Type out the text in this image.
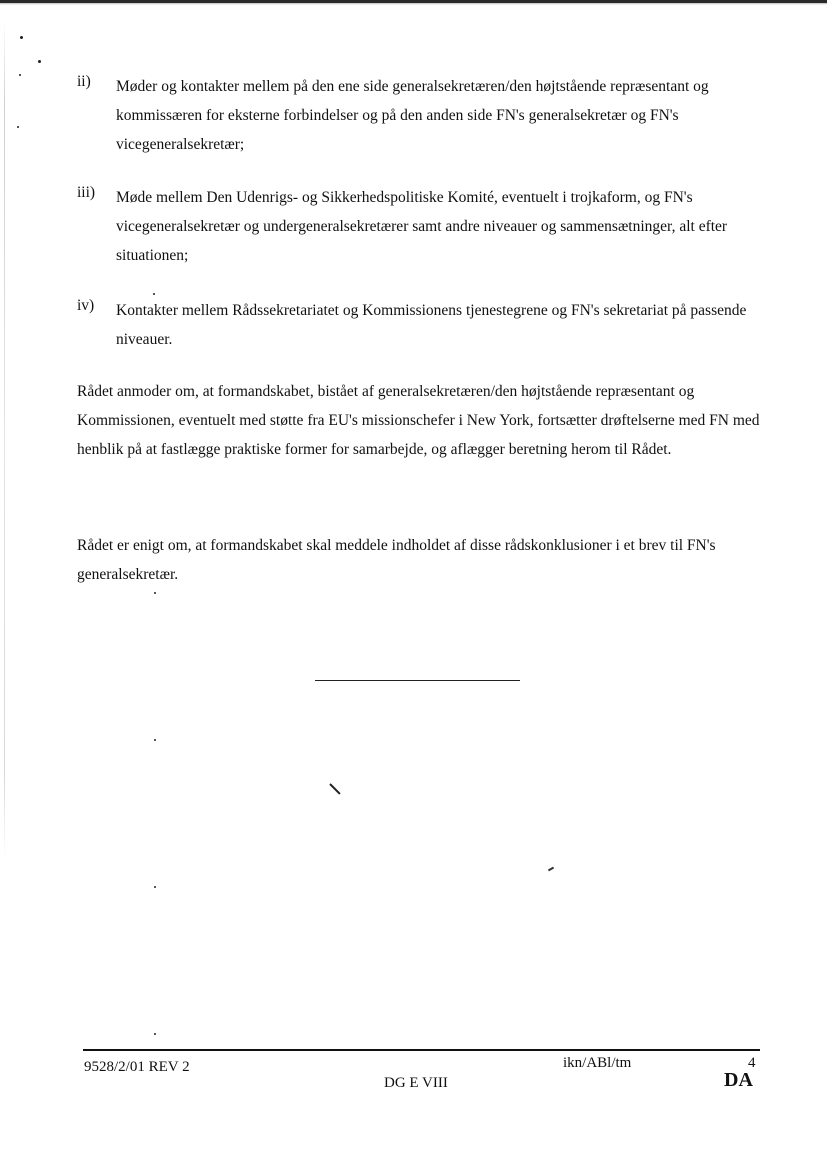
ii)	Møder og kontakter mellem på den ene side generalsekretæren/den højtstående repræsentant og kommissæren for eksterne forbindelser og på den anden side FN's generalsekretær og FN's vicegeneralsekretær;
iii)	Møde mellem Den Udenrigs- og Sikkerhedspolitiske Komité, eventuelt i trojkaform, og FN's vicegeneralsekretær og undergeneralsekretærer samt andre niveauer og sammensætninger, alt efter situationen;
iv)	Kontakter mellem Rådssekretariatet og Kommissionens tjenestegrene og FN's sekretariat på passende niveauer.
Rådet anmoder om, at formandskabet, bistået af generalsekretæren/den højtstående repræsentant og Kommissionen, eventuelt med støtte fra EU's missionschefer i New York, fortsætter drøftelserne med FN med henblik på at fastlægge praktiske former for samarbejde, og aflægger beretning herom til Rådet.
Rådet er enigt om, at formandskabet skal meddele indholdet af disse rådskonklusioner i et brev til FN's generalsekretær.
9528/2/01 REV 2	ikn/ABl/tm	4
DG E VIII	DA
